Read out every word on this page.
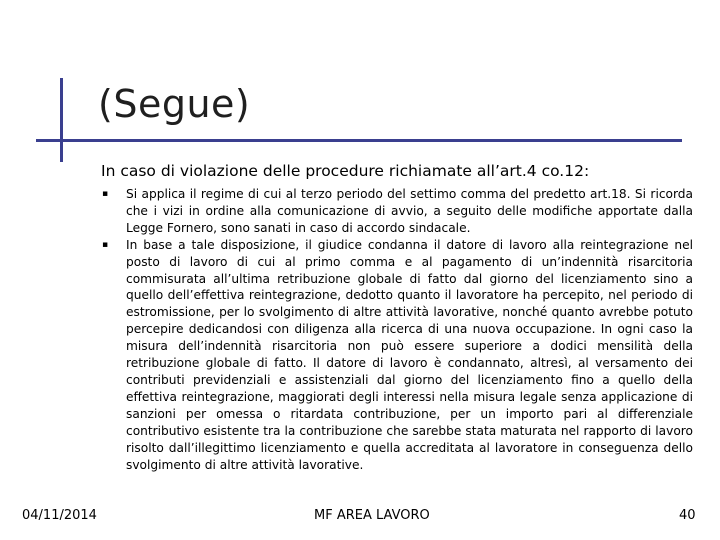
(Segue)
In caso di violazione delle procedure richiamate all’art.4 co.12:
▪ Si applica il regime di cui al terzo periodo del settimo comma del predetto art.18. Si ricorda che i vizi in ordine alla comunicazione di avvio, a seguito delle modifiche apportate dalla Legge Fornero, sono sanati in caso di accordo sindacale.
▪ In base a tale disposizione, il giudice condanna il datore di lavoro alla reintegrazione nel posto di lavoro di cui al primo comma e al pagamento di un’indennità risarcitoria commisurata all’ultima retribuzione globale di fatto dal giorno del licenziamento sino a quello dell’effettiva reintegrazione, dedotto quanto il lavoratore ha percepito, nel periodo di estromissione, per lo svolgimento di altre attività lavorative, nonché quanto avrebbe potuto percepire dedicandosi con diligenza alla ricerca di una nuova occupazione. In ogni caso la misura dell’indennità risarcitoria non può essere superiore a dodici mensilità della retribuzione globale di fatto. Il datore di lavoro è condannato, altresì, al versamento dei contributi previdenziali e assistenziali dal giorno del licenziamento fino a quello della effettiva reintegrazione, maggiorati degli interessi nella misura legale senza applicazione di sanzioni per omessa o ritardata contribuzione, per un importo pari al differenziale contributivo esistente tra la contribuzione che sarebbe stata maturata nel rapporto di lavoro risolto dall’illegittimo licenziamento e quella accreditata al lavoratore in conseguenza dello svolgimento di altre attività lavorative.
04/11/2014	MF AREA LAVORO	40
